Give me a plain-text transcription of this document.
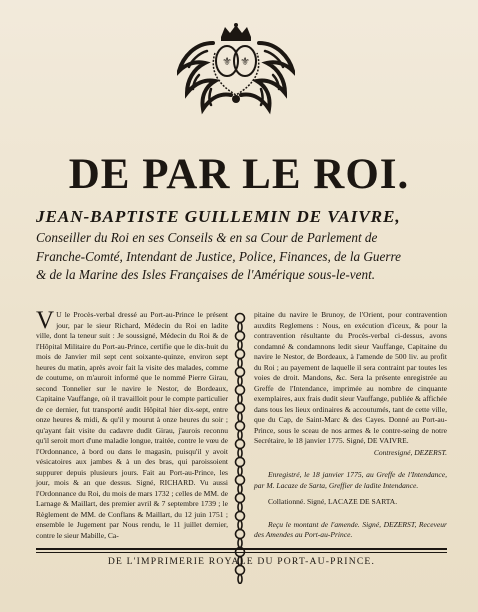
⚜ ⚜
DE PAR LE ROI.
JEAN-BAPTISTE GUILLEMIN DE VAIVRE,
Conseiller du Roi en ses Conseils & en sa Cour de Parlement de
Franche-Comté, Intendant de Justice, Police, Finances, de la Guerre
& de la Marine des Isles Françaises de l'Amérique sous-le-vent.
V U le Procès-verbal dressé au Port-au-Prince le présent jour, par le sieur Richard, Médecin du Roi en ladite ville, dont la teneur suit : Je soussigné, Médecin du Roi & de l'Hôpital Militaire du Port-au-Prince, certifie que le dix-huit du mois de Janvier mil sept cent soixante-quinze, environ sept heures du matin, après avoir fait la visite des malades, comme de coutume, on m'auroit informé que le nommé Pierre Girau, second Tonnelier sur le navire le Nestor, de Bordeaux, Capitaine Vauffange, où il travailloit pour le compte particulier de ce dernier, fut transporté audit Hôpital hier dix-sept, entre onze heures & midi, & qu'il y mourut à onze heures du soir ; qu'ayant fait visite du cadavre dudit Girau, j'aurois reconnu qu'il seroit mort d'une maladie longue, traitée, contre le vœu de l'Ordonnance, à bord ou dans le magasin, puisqu'il y avoit vésicatoires aux jambes & à un des bras, qui paroissoient suppurer depuis plusieurs jours. Fait au Port-au-Prince, les jour, mois & an que dessus. Signé, RICHARD. Vu aussi l'Ordonnance du Roi, du mois de mars 1732 ; celles de MM. de Larnage & Maillart, des premier avril & 7 septembre 1739 ; le Règlement de MM. de Conflans & Maillart, du 12 juin 1751 ; ensemble le Jugement par Nous rendu, le 11 juillet dernier, contre le sieur Mabille, Ca-
pitaine du navire le Brunoy, de l'Orient, pour contravention auxdits Reglemens : Nous, en exécution d'iceux, & pour la contravention résultante du Procès-verbal ci-dessus, avons condamné & condamnons ledit sieur Vauffange, Capitaine du navire le Nestor, de Bordeaux, à l'amende de 500 liv. au profit du Roi ; au payement de laquelle il sera contraint par toutes les voies de droit. Mandons, &c. Sera la présente enregistrée au Greffe de l'Intendance, imprimée au nombre de cinquante exemplaires, aux frais dudit sieur Vauffange, publiée & affichée dans tous les lieux ordinaires & accoutumés, tant de cette ville, que du Cap, de Saint-Marc & des Cayes. Donné au Port-au-Prince, sous le sceau de nos armes & le contre-seing de notre Secrétaire, le 18 janvier 1775. Signé, DE VAIVRE.
Contresigné, DEZERST.
Enregistré, le 18 janvier 1775, au Greffe de l'Intendance, par M. Lacaze de Sarta, Greffier de ladite Intendance.
Collationné. Signé, LACAZE DE SARTA.
Reçu le montant de l'amende. Signé, DEZERST, Receveur des Amendes au Port-au-Prince.
DE L'IMPRIMERIE ROYALE DU PORT-AU-PRINCE.
